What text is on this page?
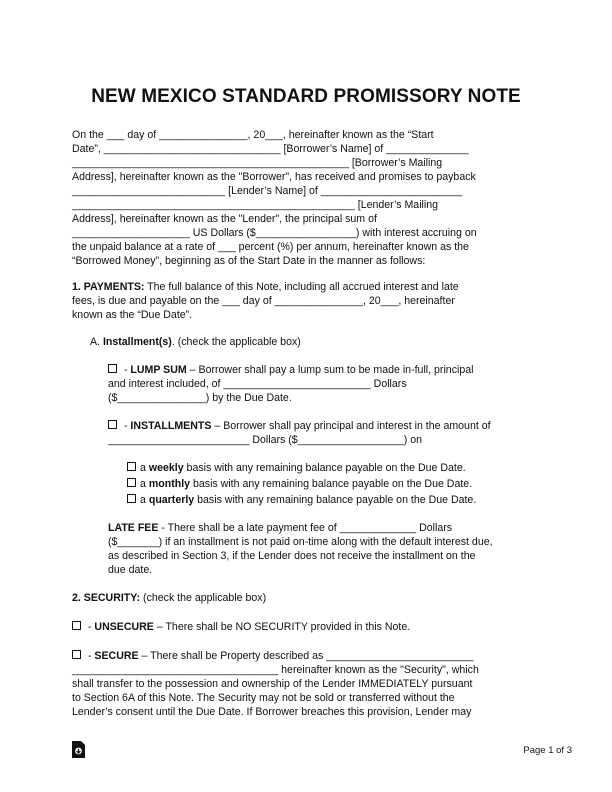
NEW MEXICO STANDARD PROMISSORY NOTE
On the ___ day of _______________, 20___, hereinafter known as the “Start
Date”, ______________________________ [Borrower’s Name] of ______________
_______________________________________________ [Borrower’s Mailing
Address], hereinafter known as the "Borrower", has received and promises to payback
__________________________ [Lender’s Name] of ________________________
________________________________________________ [Lender’s Mailing
Address], hereinafter known as the "Lender", the principal sum of
____________________ US Dollars ($_________________) with interest accruing on
the unpaid balance at a rate of ___ percent (%) per annum, hereinafter known as the
“Borrowed Money”, beginning as of the Start Date in the manner as follows:
1. PAYMENTS: The full balance of this Note, including all accrued interest and late
fees, is due and payable on the ___ day of _______________, 20___, hereinafter
known as the “Due Date”.
A. Installment(s). (check the applicable box)
- LUMP SUM – Borrower shall pay a lump sum to be made in-full, principal
and interest included, of _________________________ Dollars
($_______________) by the Due Date.
- INSTALLMENTS – Borrower shall pay principal and interest in the amount of
________________________ Dollars ($__________________) on
a weekly basis with any remaining balance payable on the Due Date.
a monthly basis with any remaining balance payable on the Due Date.
a quarterly basis with any remaining balance payable on the Due Date.
LATE FEE - There shall be a late payment fee of _____________ Dollars
($_______) if an installment is not paid on-time along with the default interest due,
as described in Section 3, if the Lender does not receive the installment on the
due date.
2. SECURITY: (check the applicable box)
- UNSECURE – There shall be NO SECURITY provided in this Note.
- SECURE – There shall be Property described as _________________________
___________________________________ hereinafter known as the "Security", which
shall transfer to the possession and ownership of the Lender IMMEDIATELY pursuant
to Section 6A of this Note. The Security may not be sold or transferred without the
Lender’s consent until the Due Date. If Borrower breaches this provision, Lender may
Page 1 of 3
